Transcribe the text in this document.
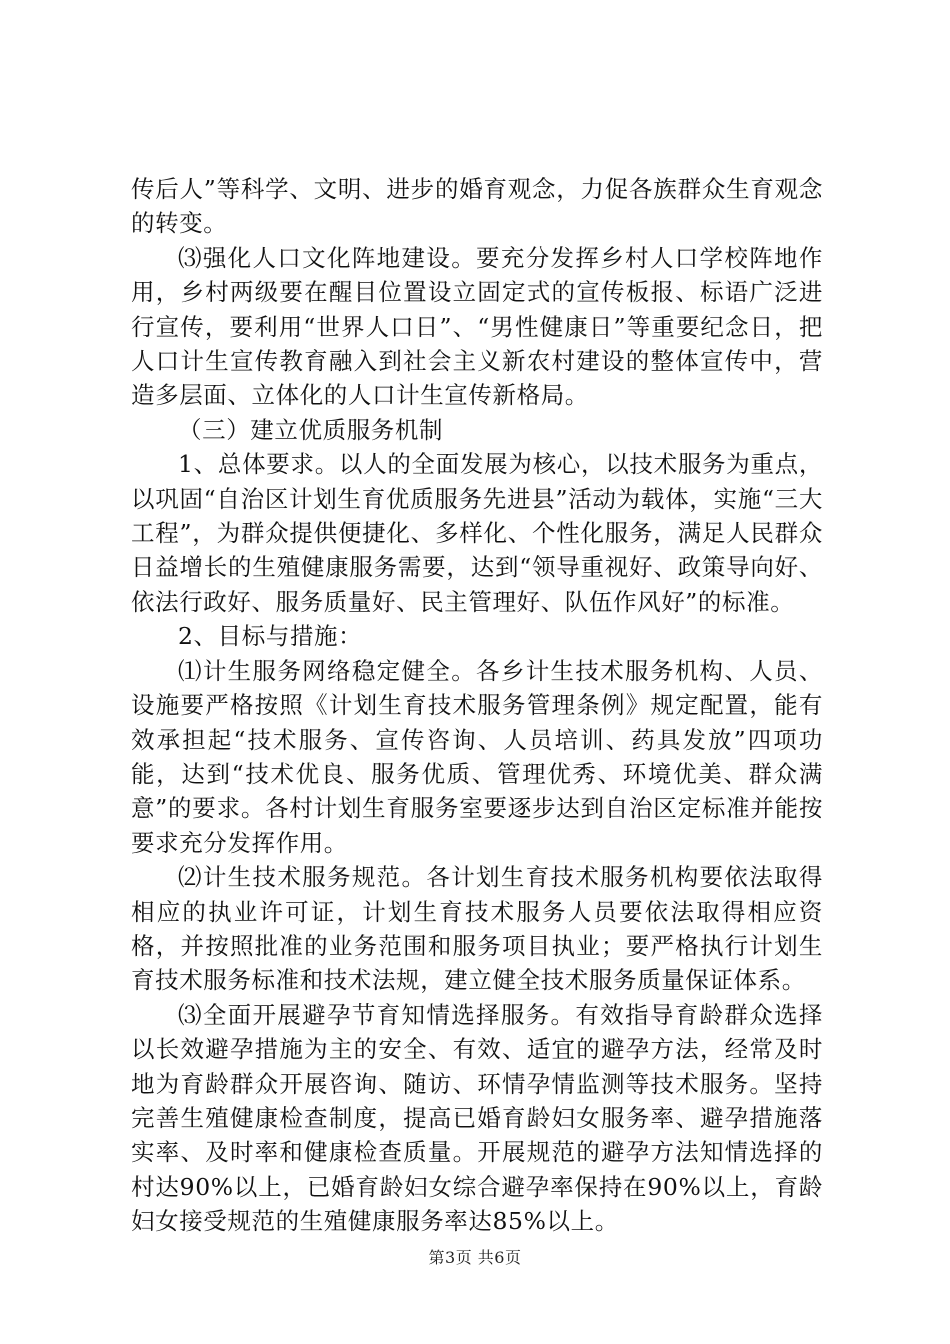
传后人”等科学、文明、进步的婚育观念，力促各族群众生育观念的转变。

⑶强化人口文化阵地建设。要充分发挥乡村人口学校阵地作用，乡村两级要在醒目位置设立固定式的宣传板报、标语广泛进行宣传，要利用“世界人口日”、“男性健康日”等重要纪念日，把人口计生宣传教育融入到社会主义新农村建设的整体宣传中，营造多层面、立体化的人口计生宣传新格局。

（三）建立优质服务机制

1、总体要求。以人的全面发展为核心，以技术服务为重点，以巩固“自治区计划生育优质服务先进县”活动为载体，实施“三大工程”，为群众提供便捷化、多样化、个性化服务，满足人民群众日益增长的生殖健康服务需要，达到“领导重视好、政策导向好、依法行政好、服务质量好、民主管理好、队伍作风好”的标准。

2、目标与措施：

⑴计生服务网络稳定健全。各乡计生技术服务机构、人员、设施要严格按照《计划生育技术服务管理条例》规定配置，能有效承担起“技术服务、宣传咨询、人员培训、药具发放”四项功能，达到“技术优良、服务优质、管理优秀、环境优美、群众满意”的要求。各村计划生育服务室要逐步达到自治区定标准并能按要求充分发挥作用。

⑵计生技术服务规范。各计划生育技术服务机构要依法取得相应的执业许可证，计划生育技术服务人员要依法取得相应资格，并按照批准的业务范围和服务项目执业；要严格执行计划生育技术服务标准和技术法规，建立健全技术服务质量保证体系。

⑶全面开展避孕节育知情选择服务。有效指导育龄群众选择以长效避孕措施为主的安全、有效、适宜的避孕方法，经常及时地为育龄群众开展咨询、随访、环情孕情监测等技术服务。坚持完善生殖健康检查制度，提高已婚育龄妇女服务率、避孕措施落实率、及时率和健康检查质量。开展规范的避孕方法知情选择的村达90%以上，已婚育龄妇女综合避孕率保持在90%以上，育龄妇女接受规范的生殖健康服务率达85%以上。

第3页 共6页
